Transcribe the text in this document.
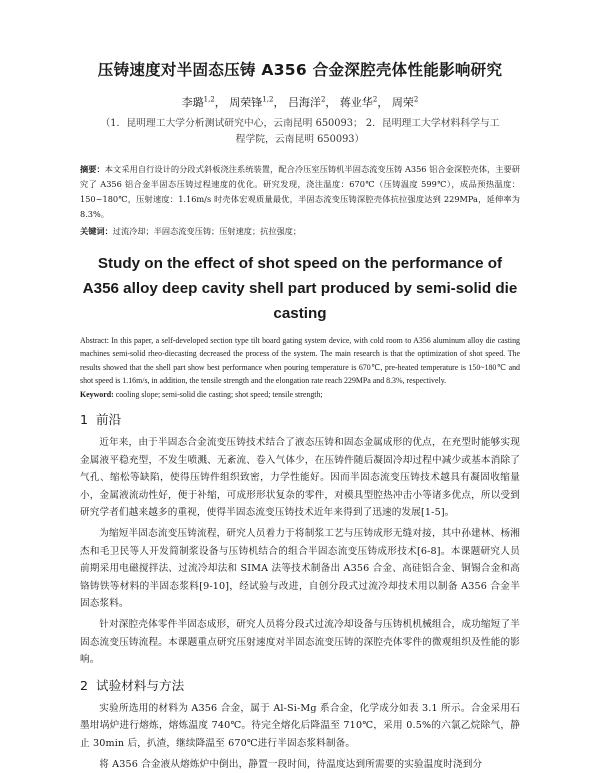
压铸速度对半固态压铸 A356 合金深腔壳体性能影响研究
李璐$^{1,2}$， 周荣锋$^{1,2}$， 吕海洋$^2$， 蒋业华$^2$， 周荣$^2$
（1．昆明理工大学分析测试研究中心，云南昆明 650093； 2．昆明理工大学材料科学与工程学院，云南昆明 650093）

摘要：本文采用自行设计的分段式斜板浇注系统装置，配合冷压室压铸机半固态流变压铸 A356 铝合金深腔壳体，主要研究了 A356 铝合金半固态压铸过程速度的优化。研究发现，浇注温度：670℃（压铸温度 599℃），成品预热温度：150~180℃，压射速度：1.16m/s 时壳体宏观质量最优，半固态流变压铸深腔壳体抗拉强度达到 229MPa，延伸率为 8.3%。

关键词：过流冷却；半固态流变压铸；压射速度；抗拉强度；

Study on the effect of shot speed on the performance of A356 alloy deep cavity shell part produced by semi-solid die casting

Abstract: In this paper, a self-developed section type tilt board gating system device, with cold room to A356 aluminum alloy die casting machines semi-solid rheo-diecasting decreased the process of the system. The main research is that the optimization of shot speed. The results showed that the shell part show best performance when pouring temperature is 670℃, pre-heated temperature is 150~180℃ and shot speed is 1.16m/s, in addition, the tensile strength and the elongation rate reach 229MPa and 8.3%, respectively.

Keyword: cooling slope; semi-solid die casting; shot speed; tensile strength;

1 前沿

近年来，由于半固态合金流变压铸技术结合了液态压铸和固态金属成形的优点，在充型时能够实现金属液平稳充型，不发生喷溅、无紊流、卷入气体少，在压铸件随后凝固冷却过程中减少或基本消除了气孔、缩松等缺陷，使得压铸件组织致密，力学性能好。因而半固态流变压铸技术越具有凝固收缩量小，金属液流动性好，便于补缩，可成形形状复杂的零件，对模具型腔热冲击小等诸多优点，所以受到研究学者们越来越多的重视，使得半固态流变压铸技术近年来得到了迅速的发展[1-5]。

为缩短半固态流变压铸流程，研究人员着力于将制浆工艺与压铸成形无缝对接，其中孙建林、杨湘杰和毛卫民等人开发简制浆设备与压铸机结合的组合半固态流变压铸成形技术[6-8]。本课题研究人员前期采用电磁搅拌法、过流冷却法和 SIMA 法等技术制备出 A356 合金、高硅铝合金、铜锡合金和高铬铸铁等材料的半固态浆料[9-10]，经试验与改进，自创分段式过流冷却技术用以制备 A356 合金半固态浆料。

针对深腔壳体零件半固态成形，研究人员将分段式过流冷却设备与压铸机机械组合，成功缩短了半固态流变压铸流程。本课题重点研究压射速度对半固态流变压铸的深腔壳体零件的微观组织及性能的影响。

2 试验材料与方法

实验所选用的材料为 A356 合金，属于 Al-Si-Mg 系合金，化学成分如表 3.1 所示。合金采用石墨坩埚炉进行熔炼，熔炼温度 740℃。待完全熔化后降温至 710℃，采用 0.5%的六氯乙烷除气，静止 30min 后，扒渣，继续降温至 670℃进行半固态浆料制备。

将 A356 合金液从熔炼炉中倒出，静置一段时间，待温度达到所需要的实验温度时浇到分
